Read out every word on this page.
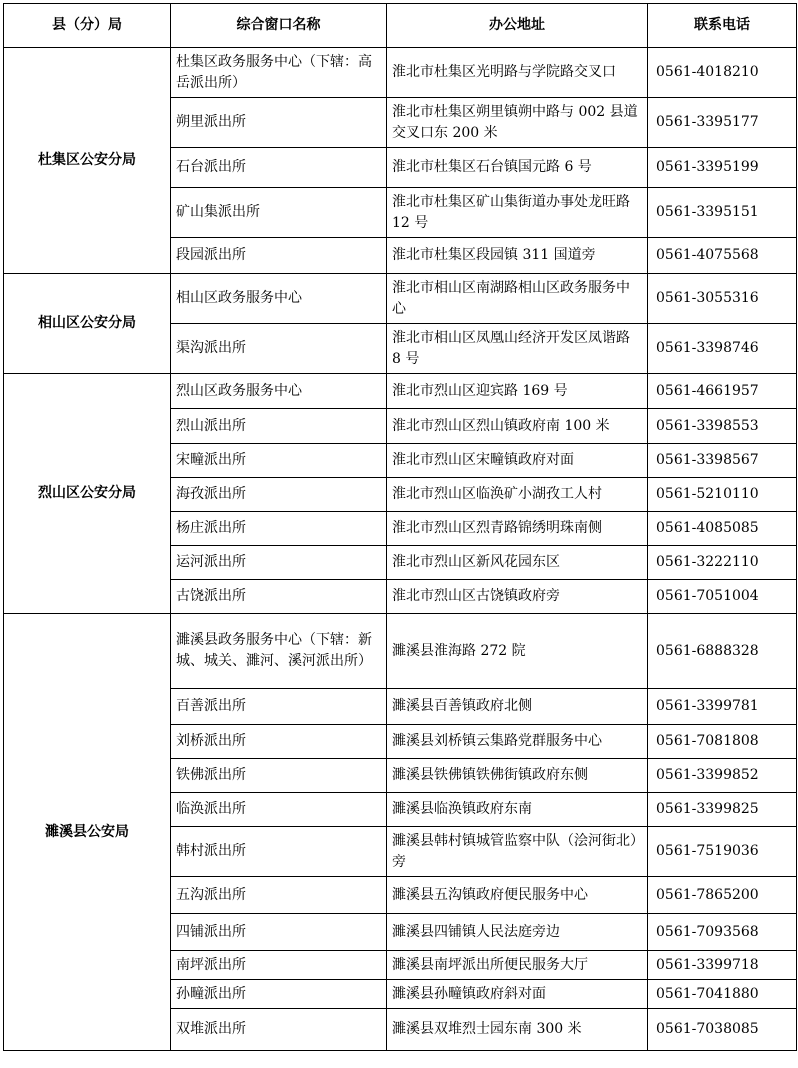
县（分）局	综合窗口名称	办公地址	联系电话
杜集区公安分局	杜集区政务服务中心（下辖：高岳派出所）	淮北市杜集区光明路与学院路交叉口	0561-4018210
	朔里派出所	淮北市杜集区朔里镇朔中路与 002 县道交叉口东 200 米	0561-3395177
	石台派出所	淮北市杜集区石台镇国元路 6 号	0561-3395199
	矿山集派出所	淮北市杜集区矿山集街道办事处龙旺路 12 号	0561-3395151
	段园派出所	淮北市杜集区段园镇 311 国道旁	0561-4075568
相山区公安分局	相山区政务服务中心	淮北市相山区南湖路相山区政务服务中心	0561-3055316
	渠沟派出所	淮北市相山区凤凰山经济开发区凤谐路 8 号	0561-3398746
烈山区公安分局	烈山区政务服务中心	淮北市烈山区迎宾路 169 号	0561-4661957
	烈山派出所	淮北市烈山区烈山镇政府南 100 米	0561-3398553
	宋疃派出所	淮北市烈山区宋疃镇政府对面	0561-3398567
	海孜派出所	淮北市烈山区临涣矿小湖孜工人村	0561-5210110
	杨庄派出所	淮北市烈山区烈青路锦绣明珠南侧	0561-4085085
	运河派出所	淮北市烈山区新风花园东区	0561-3222110
	古饶派出所	淮北市烈山区古饶镇政府旁	0561-7051004
濉溪县公安局	濉溪县政务服务中心（下辖：新城、城关、濉河、溪河派出所）	濉溪县淮海路 272 院	0561-6888328
	百善派出所	濉溪县百善镇政府北侧	0561-3399781
	刘桥派出所	濉溪县刘桥镇云集路党群服务中心	0561-7081808
	铁佛派出所	濉溪县铁佛镇铁佛街镇政府东侧	0561-3399852
	临涣派出所	濉溪县临涣镇政府东南	0561-3399825
	韩村派出所	濉溪县韩村镇城管监察中队（浍河街北）旁	0561-7519036
	五沟派出所	濉溪县五沟镇政府便民服务中心	0561-7865200
	四铺派出所	濉溪县四铺镇人民法庭旁边	0561-7093568
	南坪派出所	濉溪县南坪派出所便民服务大厅	0561-3399718
	孙疃派出所	濉溪县孙疃镇政府斜对面	0561-7041880
	双堆派出所	濉溪县双堆烈士园东南 300 米	0561-7038085
